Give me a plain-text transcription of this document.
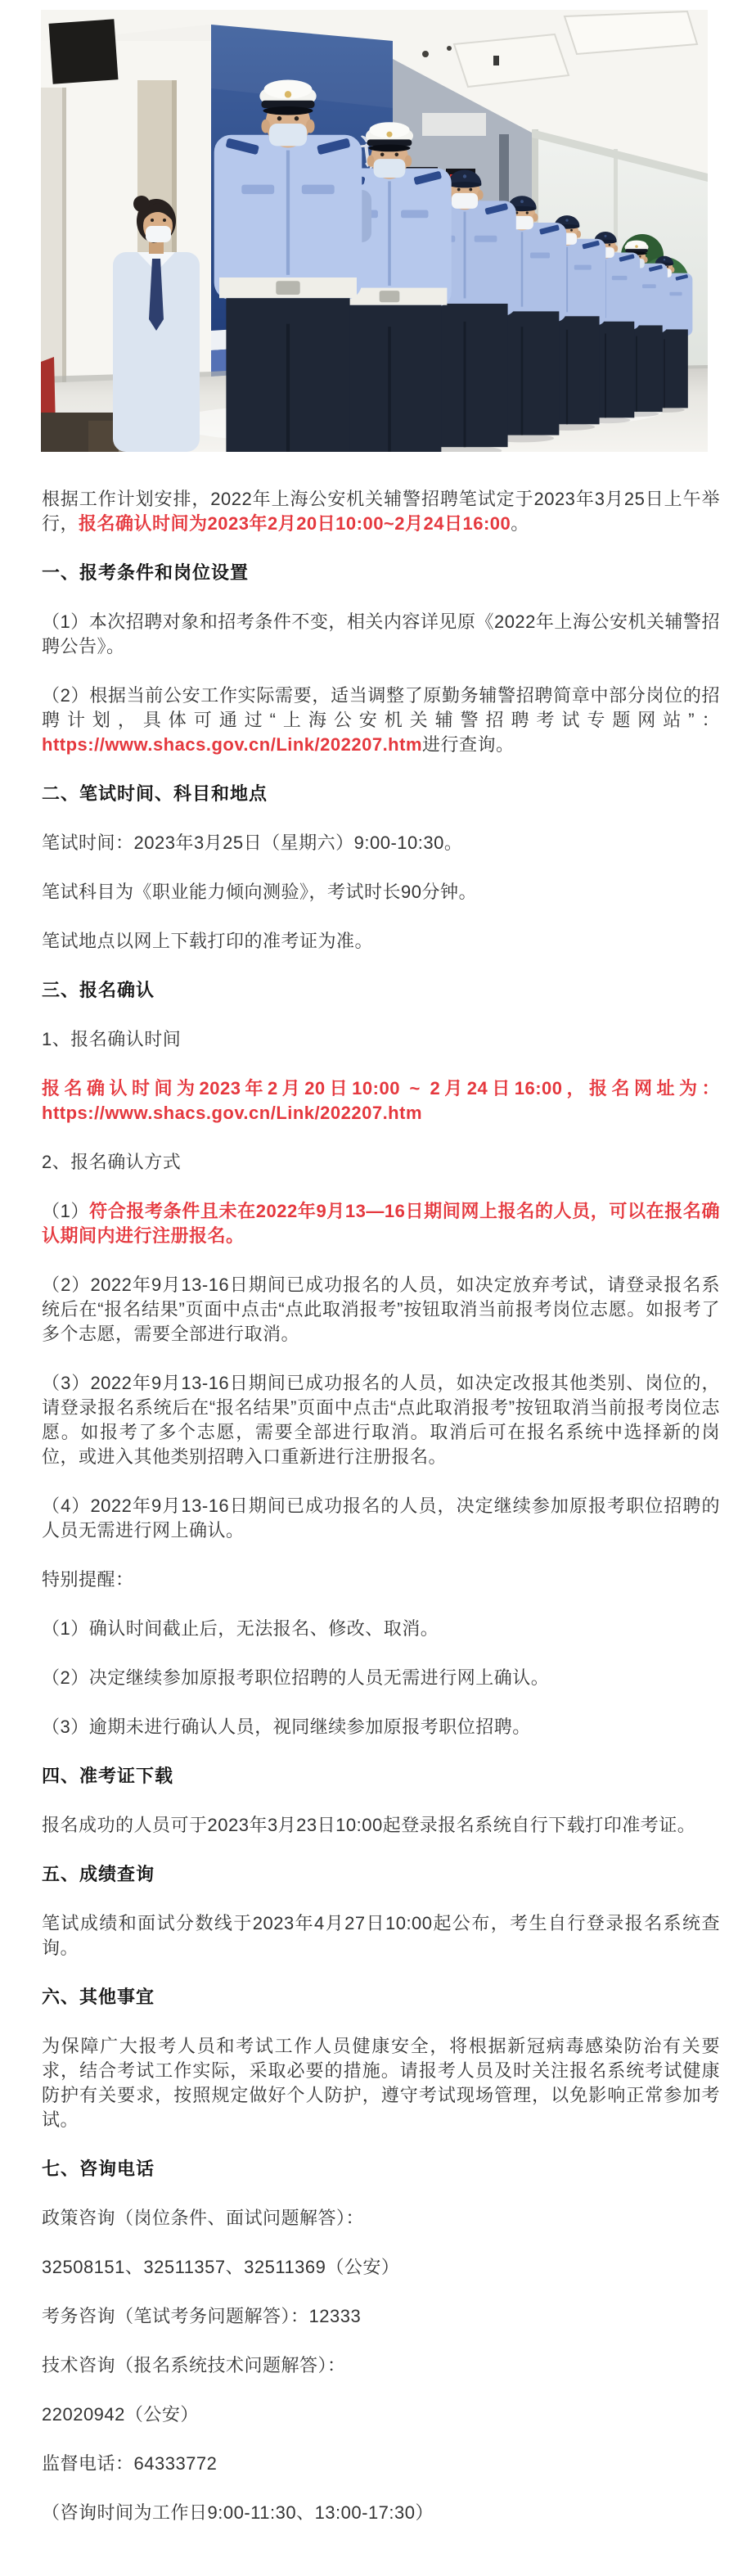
根据工作计划安排，2022年上海公安机关辅警招聘笔试定于2023年3月25日上午举行，报名确认时间为2023年2月20日10:00~2月24日16:00。

一、报考条件和岗位设置

（1）本次招聘对象和招考条件不变，相关内容详见原《2022年上海公安机关辅警招聘公告》。

（2）根据当前公安工作实际需要，适当调整了原勤务辅警招聘简章中部分岗位的招聘计划，具体可通过“上海公安机关辅警招聘考试专题网站”：https://www.shacs.gov.cn/Link/202207.htm进行查询。

二、笔试时间、科目和地点

笔试时间：2023年3月25日（星期六）9:00-10:30。

笔试科目为《职业能力倾向测验》，考试时长90分钟。

笔试地点以网上下载打印的准考证为准。

三、报名确认

1、报名确认时间

报名确认时间为2023年2月20日10:00 ~ 2月24日16:00，报名网址为：https://www.shacs.gov.cn/Link/202207.htm

2、报名确认方式

（1）符合报考条件且未在2022年9月13—16日期间网上报名的人员，可以在报名确认期间内进行注册报名。

（2）2022年9月13-16日期间已成功报名的人员，如决定放弃考试，请登录报名系统后在“报名结果”页面中点击“点此取消报考”按钮取消当前报考岗位志愿。如报考了多个志愿，需要全部进行取消。

（3）2022年9月13-16日期间已成功报名的人员，如决定改报其他类别、岗位的，请登录报名系统后在“报名结果”页面中点击“点此取消报考”按钮取消当前报考岗位志愿。如报考了多个志愿，需要全部进行取消。取消后可在报名系统中选择新的岗位，或进入其他类别招聘入口重新进行注册报名。

（4）2022年9月13-16日期间已成功报名的人员，决定继续参加原报考职位招聘的人员无需进行网上确认。

特别提醒：

（1）确认时间截止后，无法报名、修改、取消。

（2）决定继续参加原报考职位招聘的人员无需进行网上确认。

（3）逾期未进行确认人员，视同继续参加原报考职位招聘。

四、准考证下载

报名成功的人员可于2023年3月23日10:00起登录报名系统自行下载打印准考证。

五、成绩查询

笔试成绩和面试分数线于2023年4月27日10:00起公布，考生自行登录报名系统查询。

六、其他事宜

为保障广大报考人员和考试工作人员健康安全，将根据新冠病毒感染防治有关要求，结合考试工作实际，采取必要的措施。请报考人员及时关注报名系统考试健康防护有关要求，按照规定做好个人防护，遵守考试现场管理，以免影响正常参加考试。

七、咨询电话

政策咨询（岗位条件、面试问题解答）：

32508151、32511357、32511369（公安）

考务咨询（笔试考务问题解答）：12333

技术咨询（报名系统技术问题解答）：

22020942（公安）

监督电话：64333772

（咨询时间为工作日9:00-11:30、13:00-17:30）
